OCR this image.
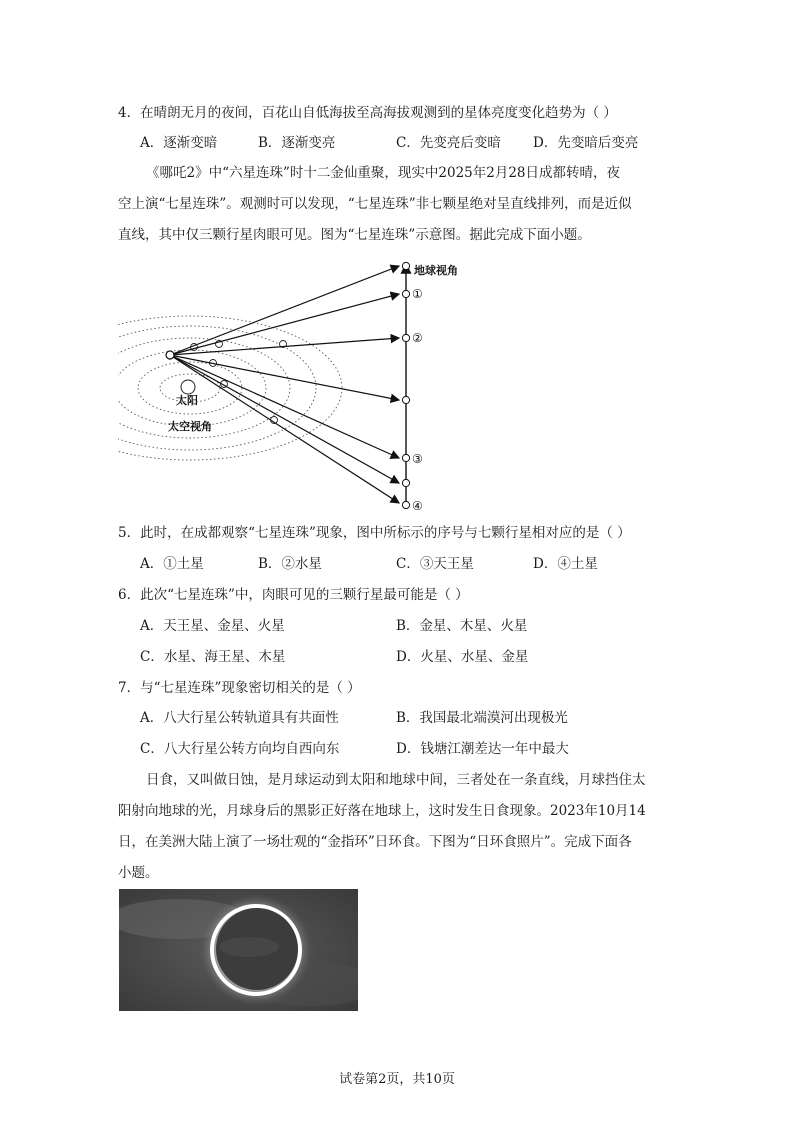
4．在晴朗无月的夜间，百花山自低海拔至高海拔观测到的星体亮度变化趋势为（ ）
A．逐渐变暗	B．逐渐变亮	C．先变亮后变暗 D．先变暗后变亮
《哪吒2》中“六星连珠”时十二金仙重聚，现实中2025年2月28日成都转晴，夜
空上演“七星连珠”。观测时可以发现，“七星连珠”非七颗星绝对呈直线排列，而是近似
直线，其中仅三颗行星肉眼可见。图为“七星连珠”示意图。据此完成下面小题。
地球视角
①
②
③
④
太阳
太空视角
5．此时，在成都观察“七星连珠”现象，图中所标示的序号与七颗行星相对应的是（ ）
A．①土星	B．②水星	C．③天王星	D．④土星
6．此次“七星连珠”中，肉眼可见的三颗行星最可能是（ ）
A．天王星、金星、火星	B．金星、木星、火星
C．水星、海王星、木星	D．火星、水星、金星
7．与“七星连珠”现象密切相关的是（ ）
A．八大行星公转轨道具有共面性	B．我国最北端漠河出现极光
C．八大行星公转方向均自西向东	D．钱塘江潮差达一年中最大
日食，又叫做日蚀，是月球运动到太阳和地球中间，三者处在一条直线，月球挡住太
阳射向地球的光，月球身后的黑影正好落在地球上，这时发生日食现象。2023年10月14
日，在美洲大陆上演了一场壮观的“金指环”日环食。下图为“日环食照片”。完成下面各
小题。
试卷第2页，共10页
